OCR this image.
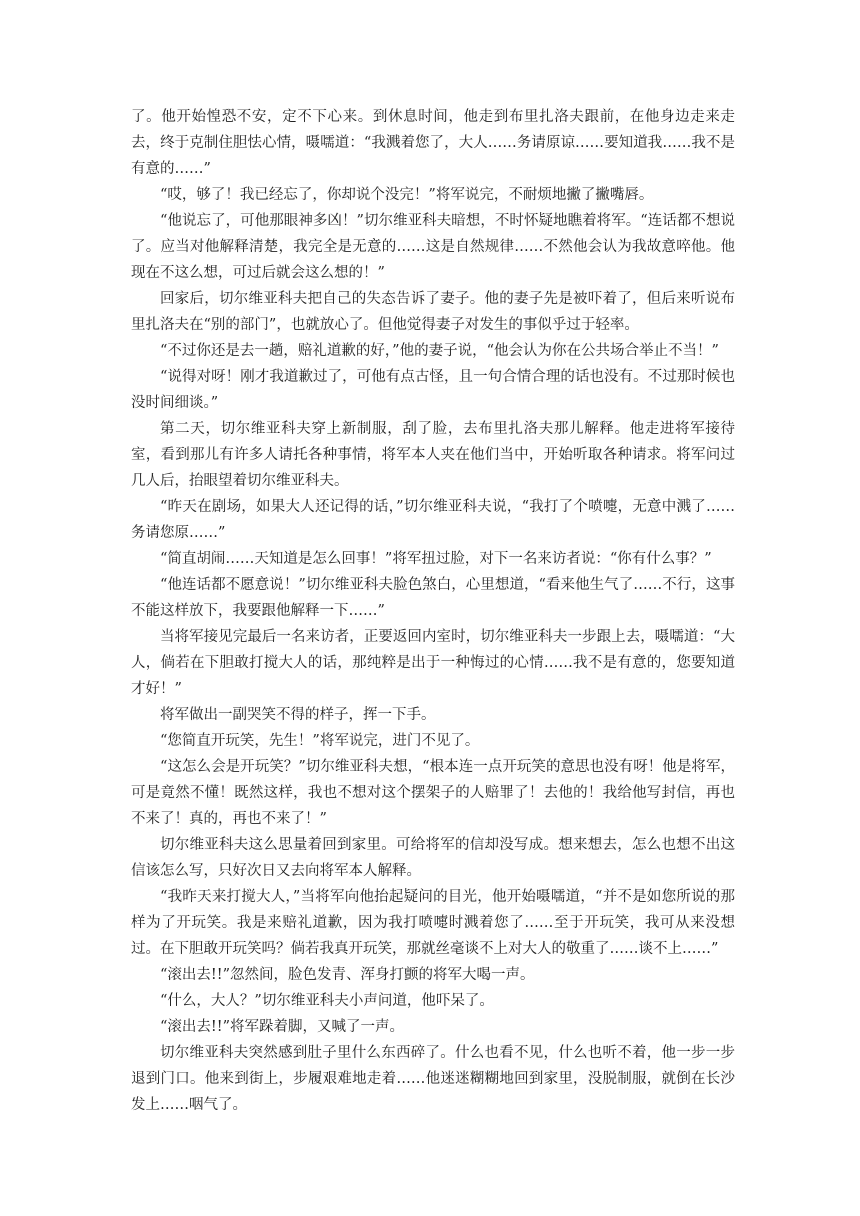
了。他开始惶恐不安，定不下心来。到休息时间，他走到布里扎洛夫跟前，在他身边走来走去，终于克制住胆怯心情，嗫嚅道：“我溅着您了，大人……务请原谅……要知道我……我不是有意的……”

“哎，够了！我已经忘了，你却说个没完！”将军说完，不耐烦地撇了撇嘴唇。

“他说忘了，可他那眼神多凶！”切尔维亚科夫暗想，不时怀疑地瞧着将军。“连话都不想说了。应当对他解释清楚，我完全是无意的……这是自然规律……不然他会认为我故意啐他。他现在不这么想，可过后就会这么想的！”

回家后，切尔维亚科夫把自己的失态告诉了妻子。他的妻子先是被吓着了，但后来听说布里扎洛夫在“别的部门”，也就放心了。但他觉得妻子对发生的事似乎过于轻率。

“不过你还是去一趟，赔礼道歉的好，”他的妻子说，“他会认为你在公共场合举止不当！”

“说得对呀！刚才我道歉过了，可他有点古怪，且一句合情合理的话也没有。不过那时候也没时间细谈。”

第二天，切尔维亚科夫穿上新制服，刮了脸，去布里扎洛夫那儿解释。他走进将军接待室，看到那儿有许多人请托各种事情，将军本人夹在他们当中，开始听取各种请求。将军问过几人后，抬眼望着切尔维亚科夫。

“昨天在剧场，如果大人还记得的话，”切尔维亚科夫说，“我打了个喷嚏，无意中溅了……务请您原……”

“简直胡闹……天知道是怎么回事！”将军扭过脸，对下一名来访者说：“你有什么事？”

“他连话都不愿意说！”切尔维亚科夫脸色煞白，心里想道，“看来他生气了……不行，这事不能这样放下，我要跟他解释一下……”

当将军接见完最后一名来访者，正要返回内室时，切尔维亚科夫一步跟上去，嗫嚅道：“大人，倘若在下胆敢打搅大人的话，那纯粹是出于一种悔过的心情……我不是有意的，您要知道才好！”

将军做出一副哭笑不得的样子，挥一下手。

“您简直开玩笑，先生！”将军说完，进门不见了。

“这怎么会是开玩笑？”切尔维亚科夫想，“根本连一点开玩笑的意思也没有呀！他是将军，可是竟然不懂！既然这样，我也不想对这个摆架子的人赔罪了！去他的！我给他写封信，再也不来了！真的，再也不来了！”

切尔维亚科夫这么思量着回到家里。可给将军的信却没写成。想来想去，怎么也想不出这信该怎么写，只好次日又去向将军本人解释。

“我昨天来打搅大人，”当将军向他抬起疑问的目光，他开始嗫嚅道，“并不是如您所说的那样为了开玩笑。我是来赔礼道歉，因为我打喷嚏时溅着您了……至于开玩笑，我可从来没想过。在下胆敢开玩笑吗？倘若我真开玩笑，那就丝毫谈不上对大人的敬重了……谈不上……”

“滚出去!!”忽然间，脸色发青、浑身打颤的将军大喝一声。

“什么，大人？”切尔维亚科夫小声问道，他吓呆了。

“滚出去!!”将军跺着脚，又喊了一声。

切尔维亚科夫突然感到肚子里什么东西碎了。什么也看不见，什么也听不着，他一步一步退到门口。他来到街上，步履艰难地走着……他迷迷糊糊地回到家里，没脱制服，就倒在长沙发上……咽气了。
